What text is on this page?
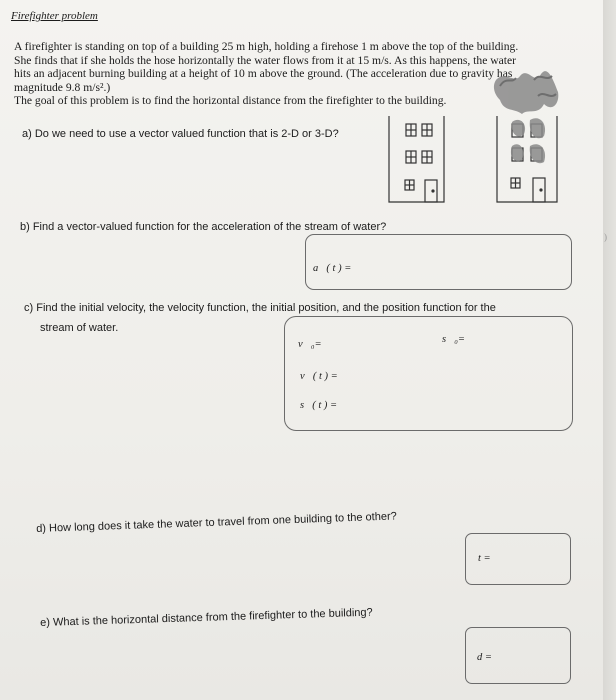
)
Firefighter problem
A firefighter is standing on top of a building 25 m high, holding a firehose 1 m above the top of the building.
She finds that if she holds the hose horizontally the water flows from it at 15 m/s. As this happens, the water
hits an adjacent burning building at a height of 10 m above the ground. (The acceleration due to gravity has
magnitude 9.8 m/s².)
The goal of this problem is to find the horizontal distance from the firefighter to the building.
a) Do we need to use a vector valued function that is 2-D or 3-D?
b) Find a vector-valued function for the acceleration of the stream of water?
a⃗( t ) =
c) Find the initial velocity, the velocity function, the initial position, and the position function for the
stream of water.
v⃗₀=	s⃗₀=
v⃗( t ) =
s⃗( t ) =
d) How long does it take the water to travel from one building to the other?
t =
e) What is the horizontal distance from the firefighter to the building?
d =
